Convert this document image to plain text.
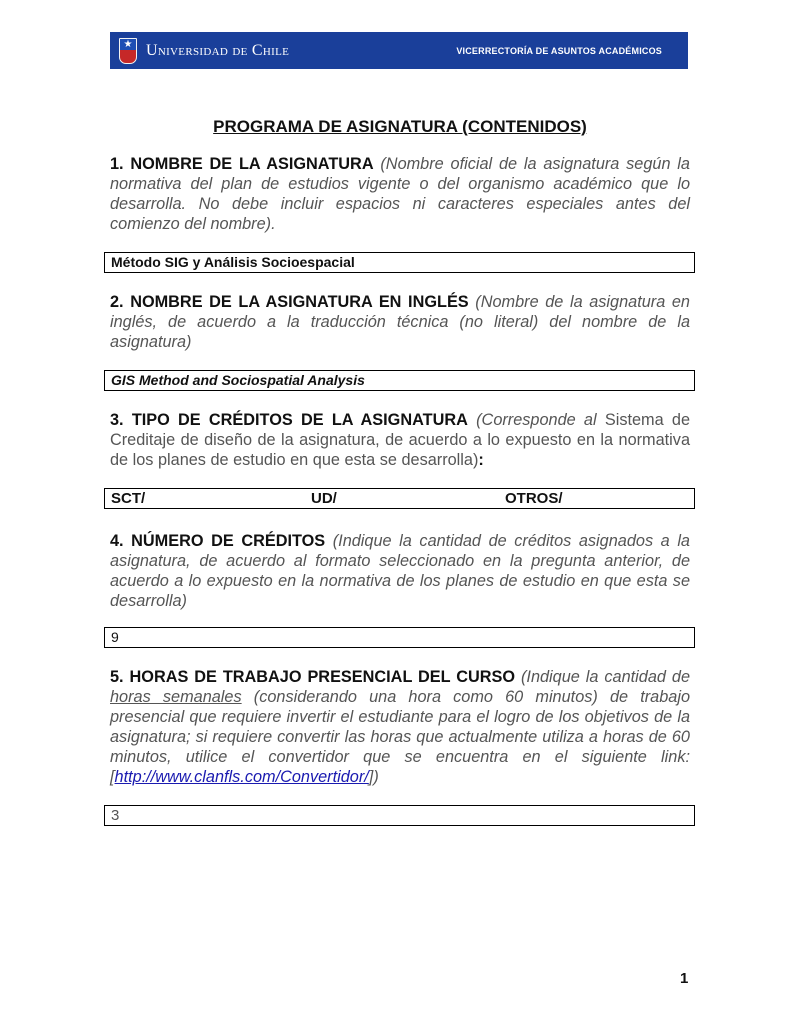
★ Universidad de Chile	VICERRECTORÍA DE ASUNTOS ACADÉMICOS
PROGRAMA DE ASIGNATURA (CONTENIDOS)
1. NOMBRE DE LA ASIGNATURA (Nombre oficial de la asignatura según la normativa del plan de estudios vigente o del organismo académico que lo desarrolla. No debe incluir espacios ni caracteres especiales antes del comienzo del nombre).
Método SIG y Análisis Socioespacial
2. NOMBRE DE LA ASIGNATURA EN INGLÉS (Nombre de la asignatura en inglés, de acuerdo a la traducción técnica (no literal) del nombre de la asignatura)
GIS Method and Sociospatial Analysis
3. TIPO DE CRÉDITOS DE LA ASIGNATURA (Corresponde al Sistema de Creditaje de diseño de la asignatura, de acuerdo a lo expuesto en la normativa de los planes de estudio en que esta se desarrolla):
SCT/	UD/	OTROS/
4. NÚMERO DE CRÉDITOS (Indique la cantidad de créditos asignados a la asignatura, de acuerdo al formato seleccionado en la pregunta anterior, de acuerdo a lo expuesto en la normativa de los planes de estudio en que esta se desarrolla)
9
5. HORAS DE TRABAJO PRESENCIAL DEL CURSO (Indique la cantidad de horas semanales (considerando una hora como 60 minutos) de trabajo presencial que requiere invertir el estudiante para el logro de los objetivos de la asignatura; si requiere convertir las horas que actualmente utiliza a horas de 60 minutos, utilice el convertidor que se encuentra en el siguiente link: [http://www.clanfls.com/Convertidor/])
3
1
